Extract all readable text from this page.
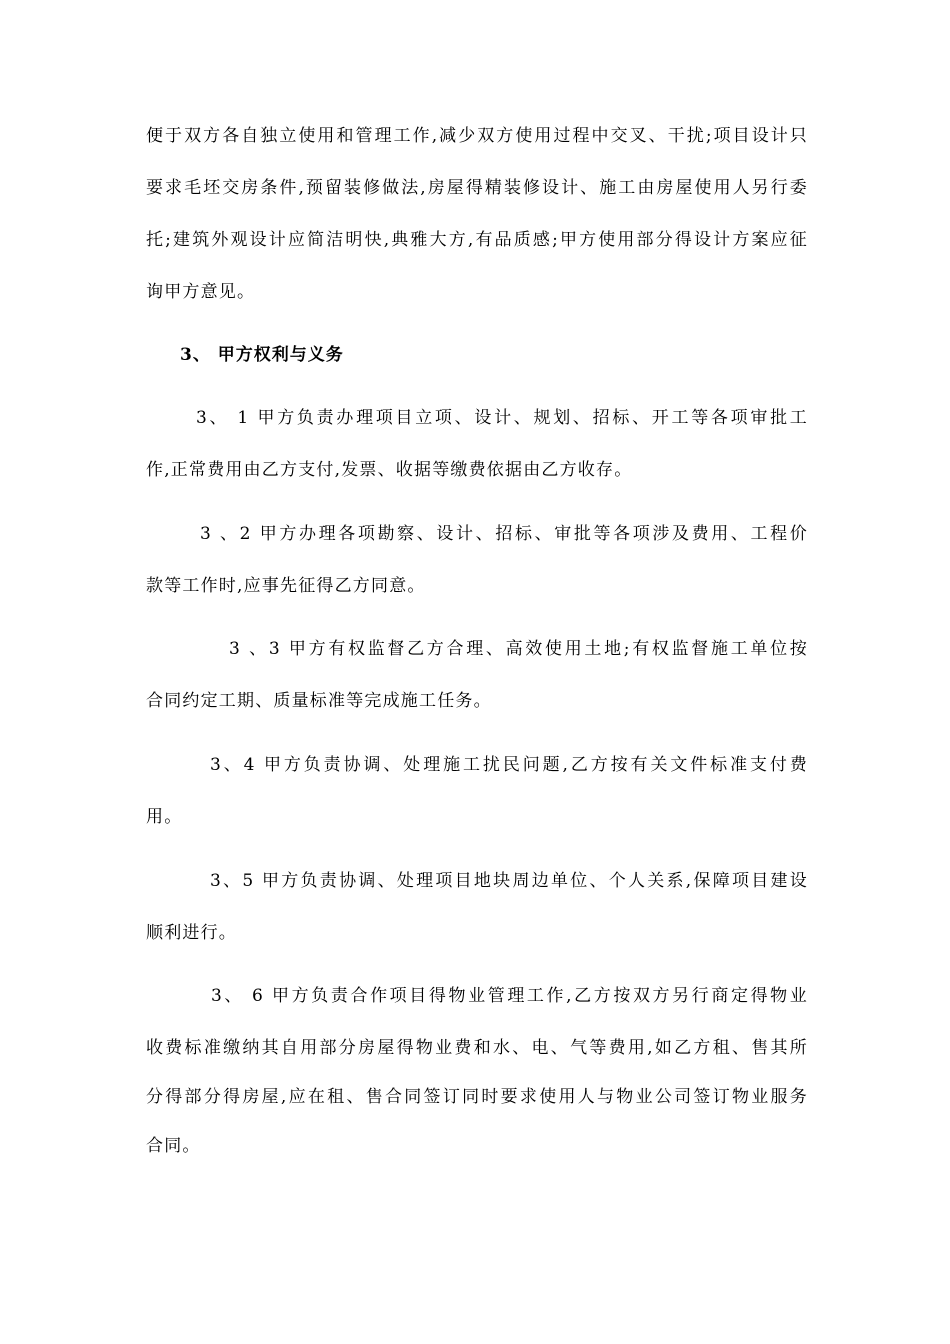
便于双方各自独立使用和管理工作,减少双方使用过程中交叉、干扰;项目设计只
要求毛坯交房条件,预留装修做法,房屋得精装修设计、施工由房屋使用人另行委
托;建筑外观设计应简洁明快,典雅大方,有品质感;甲方使用部分得设计方案应征
询甲方意见。
3、 甲方权利与义务
3、 1 甲方负责办理项目立项、设计、规划、招标、开工等各项审批工
作,正常费用由乙方支付,发票、收据等缴费依据由乙方收存。
3 、2 甲方办理各项勘察、设计、招标、审批等各项涉及费用、工程价
款等工作时,应事先征得乙方同意。
3 、3 甲方有权监督乙方合理、高效使用土地;有权监督施工单位按
合同约定工期、质量标准等完成施工任务。
3、4 甲方负责协调、处理施工扰民问题,乙方按有关文件标准支付费
用。
3、5 甲方负责协调、处理项目地块周边单位、个人关系,保障项目建设
顺利进行。
3、 6 甲方负责合作项目得物业管理工作,乙方按双方另行商定得物业
收费标准缴纳其自用部分房屋得物业费和水、电、气等费用,如乙方租、售其所
分得部分得房屋,应在租、售合同签订同时要求使用人与物业公司签订物业服务
合同。
